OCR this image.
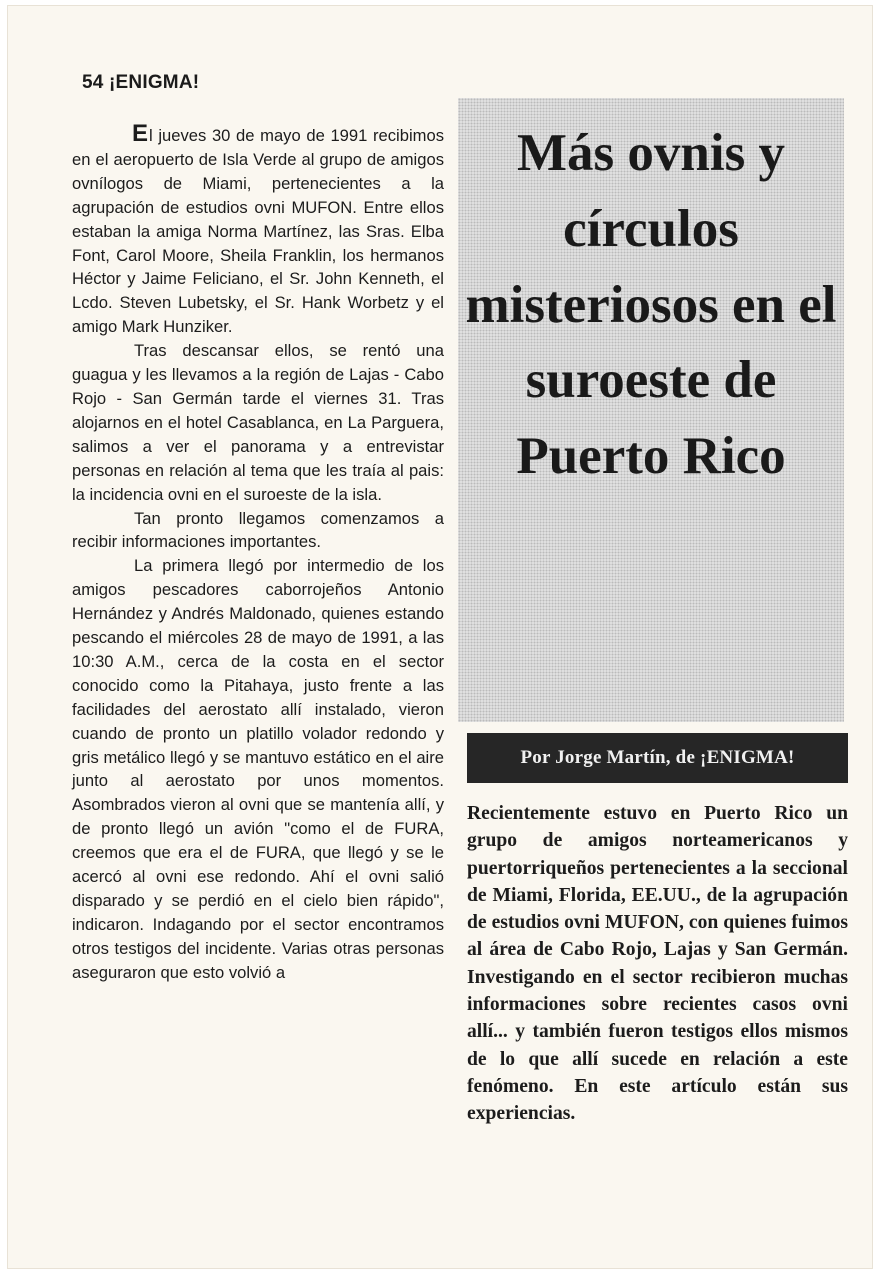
54 ¡ENIGMA!

El jueves 30 de mayo de 1991 recibimos en el aeropuerto de Isla Verde al grupo de amigos ovnílogos de Miami, pertenecientes a la agrupación de estudios ovni MUFON. Entre ellos estaban la amiga Norma Martínez, las Sras. Elba Font, Carol Moore, Sheila Franklin, los hermanos Héctor y Jaime Feliciano, el Sr. John Kenneth, el Lcdo. Steven Lubetsky, el Sr. Hank Worbetz y el amigo Mark Hunziker.

Tras descansar ellos, se rentó una guagua y les llevamos a la región de Lajas - Cabo Rojo - San Germán tarde el viernes 31. Tras alojarnos en el hotel Casablanca, en La Parguera, salimos a ver el panorama y a entrevistar personas en relación al tema que les traía al pais: la incidencia ovni en el suroeste de la isla.

Tan pronto llegamos comenzamos a recibir informaciones importantes.

La primera llegó por intermedio de los amigos pescadores caborrojeños Antonio Hernández y Andrés Maldonado, quienes estando pescando el miércoles 28 de mayo de 1991, a las 10:30 A.M., cerca de la costa en el sector conocido como la Pitahaya, justo frente a las facilidades del aerostato allí instalado, vieron cuando de pronto un platillo volador redondo y gris metálico llegó y se mantuvo estático en el aire junto al aerostato por unos momentos. Asombrados vieron al ovni que se mantenía allí, y de pronto llegó un avión "como el de FURA, creemos que era el de FURA, que llegó y se le acercó al ovni ese redondo. Ahí el ovni salió disparado y se perdió en el cielo bien rápido", indicaron. Indagando por el sector encontramos otros testigos del incidente. Varias otras personas aseguraron que esto volvió a

Más ovnis y círculos misteriosos en el suroeste de Puerto Rico
Por Jorge Martín, de ¡ENIGMA!

Recientemente estuvo en Puerto Rico un grupo de amigos norteamericanos y puertorriqueños pertenecientes a la seccional de Miami, Florida, EE.UU., de la agrupación de estudios ovni MUFON, con quienes fuimos al área de Cabo Rojo, Lajas y San Germán. Investigando en el sector recibieron muchas informaciones sobre recientes casos ovni allí... y también fueron testigos ellos mismos de lo que allí sucede en relación a este fenómeno. En este artículo están sus experiencias.
